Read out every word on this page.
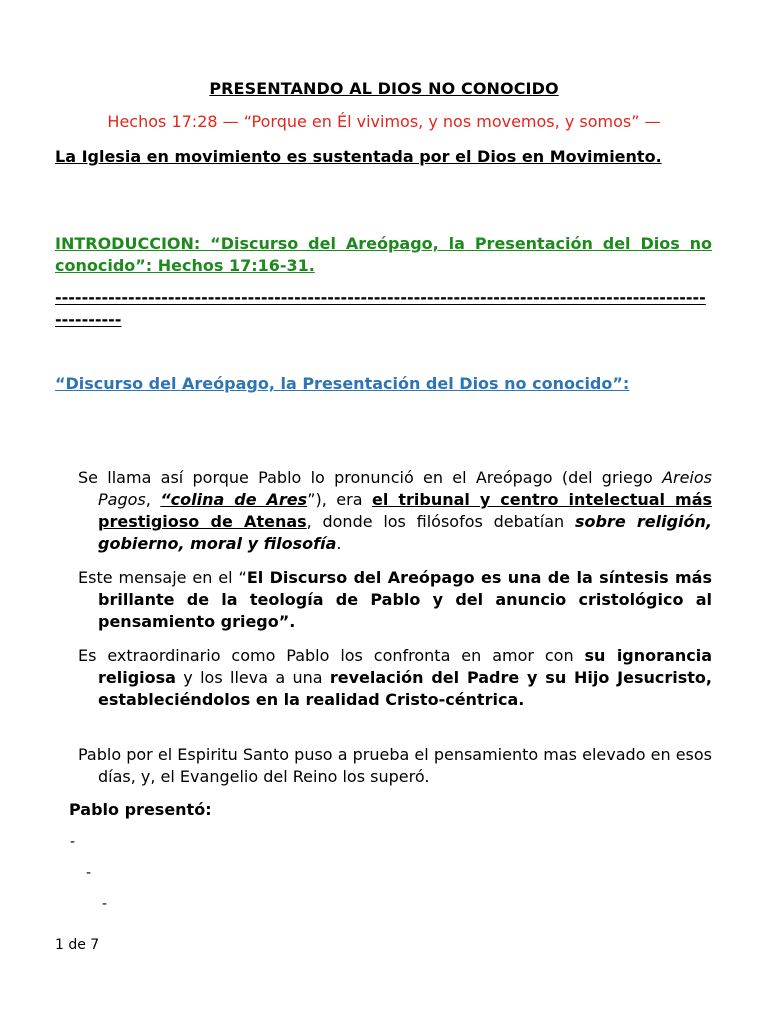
PRESENTANDO AL DIOS NO CONOCIDO
Hechos 17:28 — “Porque en Él vivimos, y nos movemos, y somos” —
La Iglesia en movimiento es sustentada por el Dios en Movimiento.
INTRODUCCION: “Discurso del Areópago, la Presentación del Dios no conocido”: Hechos 17:16-31.
------------------------------------------------------------------------------------------------------------
“Discurso del Areópago, la Presentación del Dios no conocido”:
Se llama así porque Pablo lo pronunció en el Areópago (del griego Areios Pagos, “colina de Ares”), era el tribunal y centro intelectual más prestigioso de Atenas, donde los filósofos debatían sobre religión, gobierno, moral y filosofía.
Este mensaje en el “El Discurso del Areópago es una de la síntesis más brillante de la teología de Pablo y del anuncio cristológico al pensamiento griego”.
Es extraordinario como Pablo los confronta en amor con su ignorancia religiosa y los lleva a una revelación del Padre y su Hijo Jesucristo, estableciéndolos en la realidad Cristo-céntrica.
Pablo por el Espiritu Santo puso a prueba el pensamiento mas elevado en esos días, y, el Evangelio del Reino los superó.
Pablo presentó:
-
-
-
1 de 7
